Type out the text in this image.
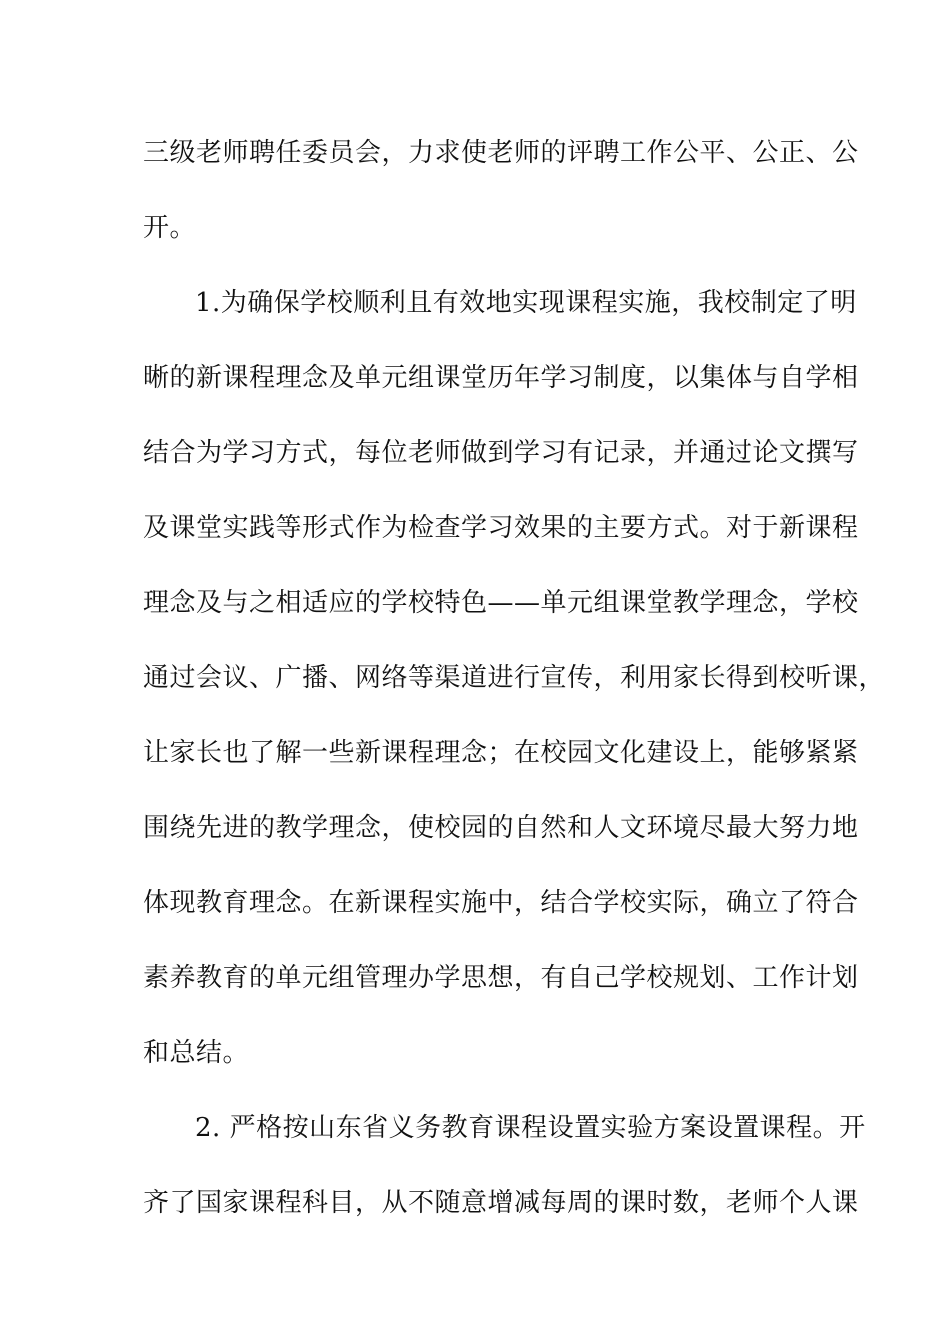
三级老师聘任委员会，力求使老师的评聘工作公平、公正、公
开。
1.为确保学校顺利且有效地实现课程实施，我校制定了明
晰的新课程理念及单元组课堂历年学习制度，以集体与自学相
结合为学习方式，每位老师做到学习有记录，并通过论文撰写
及课堂实践等形式作为检查学习效果的主要方式。对于新课程
理念及与之相适应的学校特色——单元组课堂教学理念，学校
通过会议、广播、网络等渠道进行宣传，利用家长得到校听课，
让家长也了解一些新课程理念；在校园文化建设上，能够紧紧
围绕先进的教学理念，使校园的自然和人文环境尽最大努力地
体现教育理念。在新课程实施中，结合学校实际，确立了符合
素养教育的单元组管理办学思想，有自己学校规划、工作计划
和总结。
2. 严格按山东省义务教育课程设置实验方案设置课程。开
齐了国家课程科目，从不随意增减每周的课时数，老师个人课
